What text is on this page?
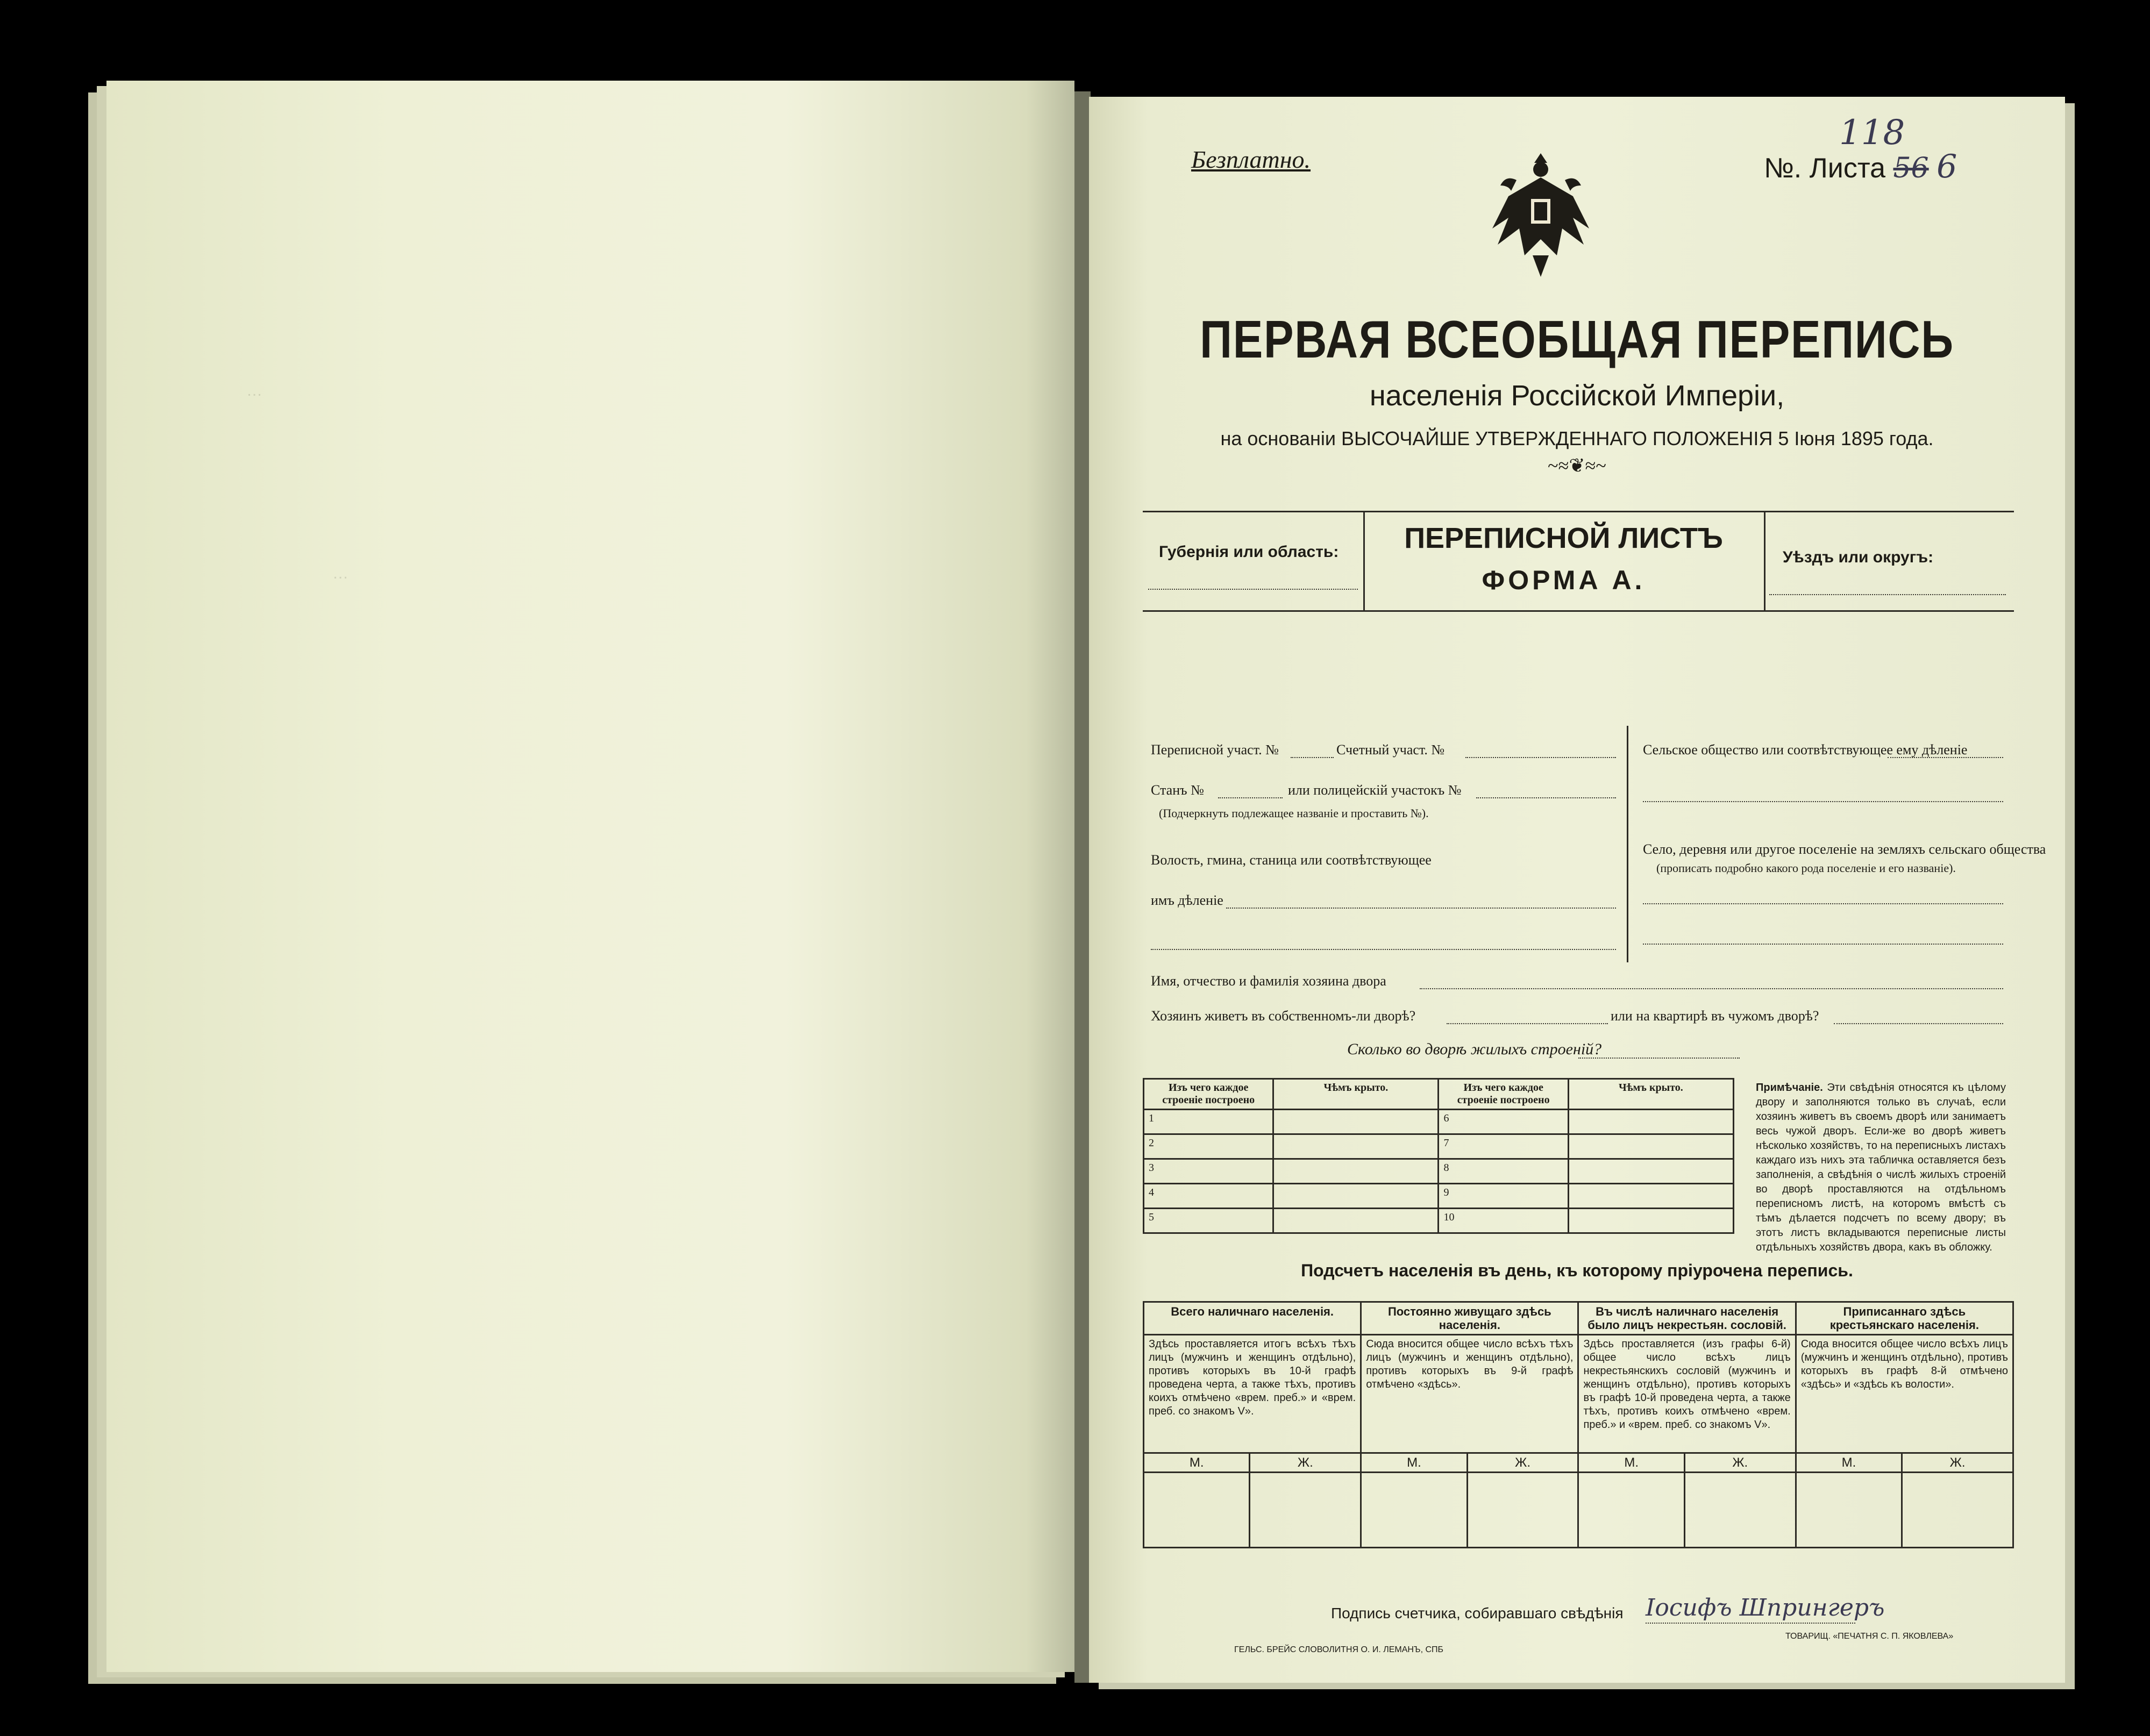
…
…
Безплатно.	№. Листа 56 6
118
ПЕРВАЯ ВСЕОБЩАЯ ПЕРЕПИСЬ
населенія Россійской Имперіи,
на основаніи ВЫСОЧАЙШЕ УТВЕРЖДЕННАГО ПОЛОЖЕНІЯ 5 Іюня 1895 года.
~≈❦≈~
Губернія или область:	ПЕРЕПИСНОЙ ЛИСТЪ
ФОРМА А.
Уѣздъ или округъ:
Переписной участ. №	Счетный участ. №
Станъ №	или полицейскій участокъ №
(Подчеркнуть подлежащее названіе и проставить №).
Волость, гмина, станица или соотвѣтствующее
имъ дѣленіе
Сельское общество или соотвѣтствующее ему дѣленіе
Село, деревня или другое поселеніе на земляхъ сельскаго общества
(прописать подробно какого рода поселеніе и его названіе).
Имя, отчество и фамилія хозяина двора
Хозяинъ живетъ въ собственномъ-ли дворѣ?	или на квартирѣ въ чужомъ дворѣ?
Сколько во дворѣ жилыхъ строеній?
Изъ чего каждое строеніе построено	Чѣмъ крыто.	Изъ чего каждое строеніе построено	Чѣмъ крыто.
1		6	
2		7	
3		8	
4		9	
5		10	
Примѣчаніе. Эти свѣдѣнія относятся къ цѣлому двору и заполняются только въ случаѣ, если хозяинъ живетъ въ своемъ дворѣ или занимаетъ весь чужой дворъ. Если-же во дворѣ живетъ нѣсколько хозяйствъ, то на переписныхъ листахъ каждаго изъ нихъ эта табличка оставляется безъ заполненія, а свѣдѣнія о числѣ жилыхъ строеній во дворѣ проставляются на отдѣльномъ переписномъ листѣ, на которомъ вмѣстѣ съ тѣмъ дѣлается подсчетъ по всему двору; въ этотъ листъ вкладываются переписные листы отдѣльныхъ хозяйствъ двора, какъ въ обложку.
Подсчетъ населенія въ день, къ которому пріурочена перепись.
Всего наличнаго населенія.		Постоянно живущаго здѣсь населенія.		Въ числѣ наличнаго населенія было лицъ некрестьян. сословій.		Приписаннаго здѣсь крестьянскаго населенія.	
Здѣсь проставляется итогъ всѣхъ тѣхъ лицъ (мужчинъ и женщинъ отдѣльно), противъ которыхъ въ 10-й графѣ проведена черта, а также тѣхъ, противъ коихъ отмѣчено «врем. преб.» и «врем. преб. со знакомъ V».		Сюда вносится общее число всѣхъ тѣхъ лицъ (мужчинъ и женщинъ отдѣльно), противъ которыхъ въ 9-й графѣ отмѣчено «здѣсь».		Здѣсь проставляется (изъ графы 6-й) общее число всѣхъ лицъ некрестьянскихъ сословій (мужчинъ и женщинъ отдѣльно), противъ которыхъ въ графѣ 10-й проведена черта, а также тѣхъ, противъ коихъ отмѣчено «врем. преб.» и «врем. преб. со знакомъ V».		Сюда вносится общее число всѣхъ лицъ (мужчинъ и женщинъ отдѣльно), противъ которыхъ въ графѣ 8-й отмѣчено «здѣсь» и «здѣсь къ волости».	
М.	Ж.	М.	Ж.	М.	Ж.	М.	Ж.

Подпись счетчика, собиравшаго свѣдѣнія Іосифъ Шпрингеръ
ГЕЛЬС. БРЕЙС СЛОВОЛИТНЯ О. И. ЛЕМАНЪ, СПБ
ТОВАРИЩ. «ПЕЧАТНЯ С. П. ЯКОВЛЕВА»
